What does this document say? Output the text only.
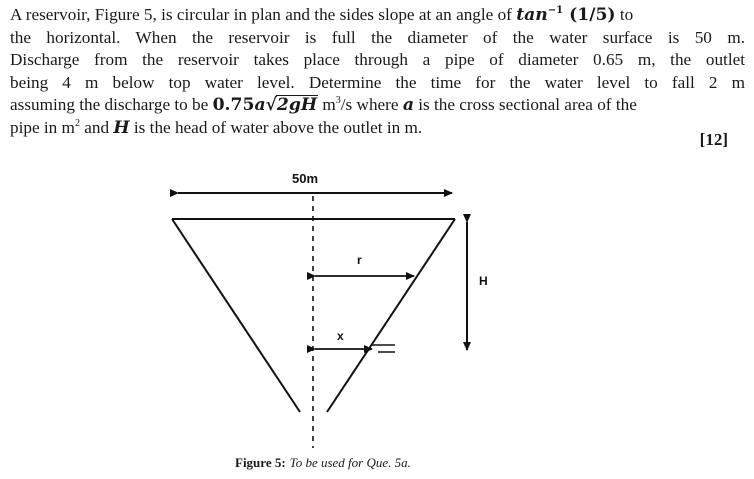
A reservoir, Figure 5, is circular in plan and the sides slope at an angle of $\tan^{-1} (1/5)$ to
the horizontal. When the reservoir is full the diameter of the water surface is 50 m.
Discharge from the reservoir takes place through a pipe of diameter 0.65 m, the outlet
being 4 m below top water level. Determine the time for the water level to fall 2 m
assuming the discharge to be 0.75a√2gH $m^3/s$ where a is the cross sectional area of the
pipe in $m^2$ and H is the head of water above the outlet in m.
[12]
50m
r
x
H
Figure 5: To be used for Que. 5a.
